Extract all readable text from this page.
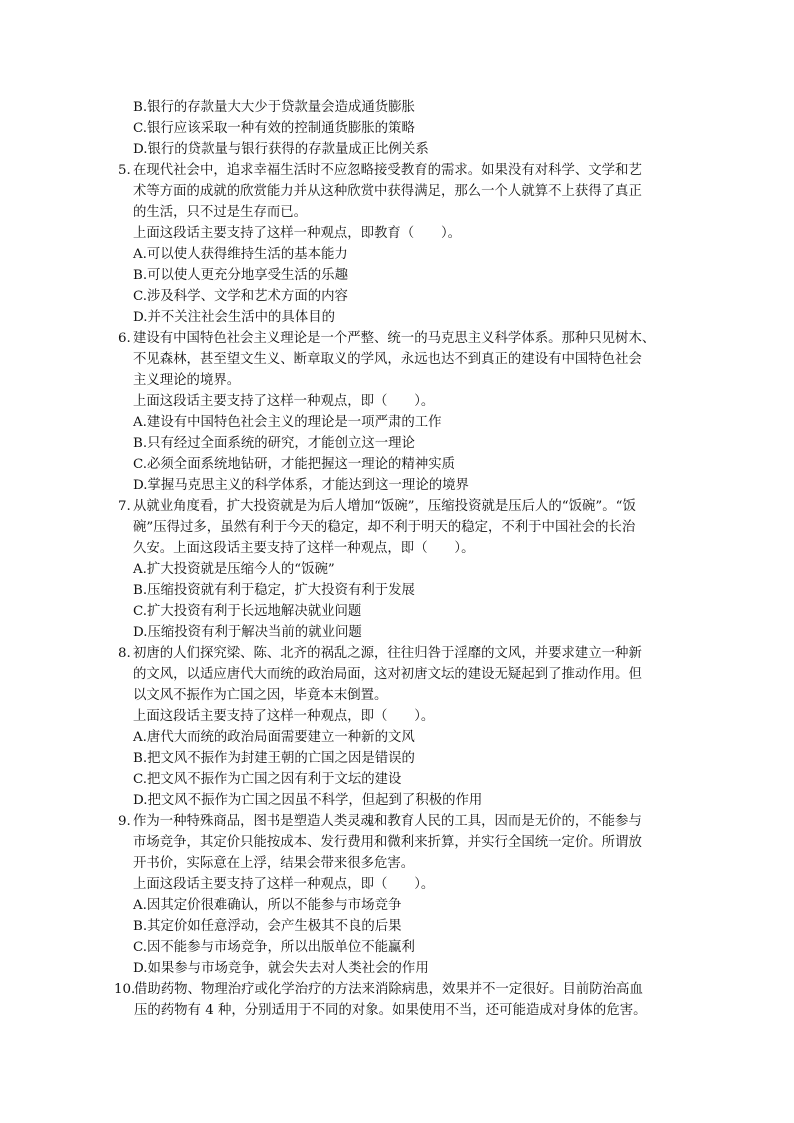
B.银行的存款量大大少于贷款量会造成通货膨胀
C.银行应该采取一种有效的控制通货膨胀的策略
D.银行的贷款量与银行获得的存款量成正比例关系
5. 在现代社会中，追求幸福生活时不应忽略接受教育的需求。如果没有对科学、文学和艺
术等方面的成就的欣赏能力并从这种欣赏中获得满足，那么一个人就算不上获得了真正
的生活，只不过是生存而已。
上面这段话主要支持了这样一种观点，即教育（　　）。
A.可以使人获得维持生活的基本能力
B.可以使人更充分地享受生活的乐趣
C.涉及科学、文学和艺术方面的内容
D.并不关注社会生活中的具体目的
6. 建设有中国特色社会主义理论是一个严整、统一的马克思主义科学体系。那种只见树木、
不见森林，甚至望文生义、断章取义的学风，永远也达不到真正的建设有中国特色社会
主义理论的境界。
上面这段话主要支持了这样一种观点，即（　　）。
A.建设有中国特色社会主义的理论是一项严肃的工作
B.只有经过全面系统的研究，才能创立这一理论
C.必须全面系统地钻研，才能把握这一理论的精神实质
D.掌握马克思主义的科学体系，才能达到这一理论的境界
7. 从就业角度看，扩大投资就是为后人增加“饭碗”，压缩投资就是压后人的“饭碗”。“饭
碗”压得过多，虽然有利于今天的稳定，却不利于明天的稳定，不利于中国社会的长治
久安。上面这段话主要支持了这样一种观点，即（　　）。
A.扩大投资就是压缩今人的“饭碗”
B.压缩投资就有利于稳定，扩大投资有利于发展
C.扩大投资有利于长远地解决就业问题
D.压缩投资有利于解决当前的就业问题
8. 初唐的人们探究梁、陈、北齐的祸乱之源，往往归咎于淫靡的文风，并要求建立一种新
的文风，以适应唐代大而统的政治局面，这对初唐文坛的建设无疑起到了推动作用。但
以文风不振作为亡国之因，毕竟本末倒置。
上面这段话主要支持了这样一种观点，即（　　）。
A.唐代大而统的政治局面需要建立一种新的文风
B.把文风不振作为封建王朝的亡国之因是错误的
C.把文风不振作为亡国之因有利于文坛的建设
D.把文风不振作为亡国之因虽不科学，但起到了积极的作用
9. 作为一种特殊商品，图书是塑造人类灵魂和教育人民的工具，因而是无价的，不能参与
市场竞争，其定价只能按成本、发行费用和微利来折算，并实行全国统一定价。所谓放
开书价，实际意在上浮，结果会带来很多危害。
上面这段话主要支持了这样一种观点，即（　　）。
A.因其定价很难确认，所以不能参与市场竞争
B.其定价如任意浮动，会产生极其不良的后果
C.因不能参与市场竞争，所以出版单位不能赢利
D.如果参与市场竞争，就会失去对人类社会的作用
10.
借助药物、物理治疗或化学治疗的方法来消除病患，效果并不一定很好。目前防治高血
压的药物有 4 种，分别适用于不同的对象。如果使用不当，还可能造成对身体的危害。
